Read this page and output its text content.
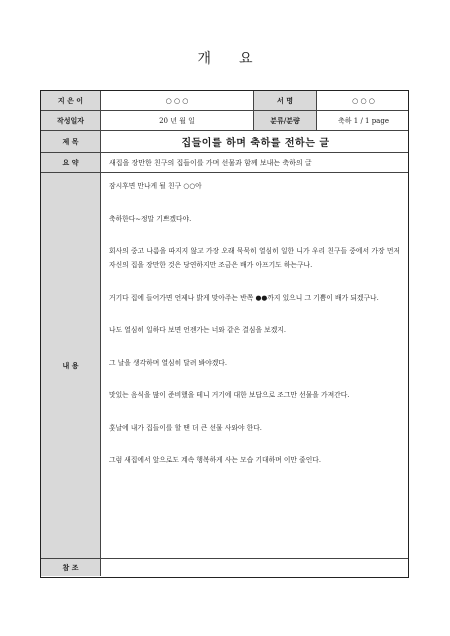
개 요
지 은 이	○ ○ ○	서 명	○ ○ ○
작성일자	20 년 월 일	분류/분량	축하 1 / 1 page
제 목	집들이를 하며 축하를 전하는 글
요 약	새집을 장만한 친구의 집들이를 가며 선물과 함께 보내는 축하의 글
내 용

잠시후면 만나게 될 친구 ○○아

축하한다~정말 기쁘겠다야.

회사의 중고 나름을 따지지 않고 가장 오래 묵묵히 열심히 일한 니가 우리 친구들 중에서 가장 먼저 자신의 집을 장만한 것은 당연하지만 조금은 배가 아프기도 하는구나.

거기다 집에 들어가면 언제나 밝게 맞아주는 반쪽 ●●까지 있으니 그 기쁨이 배가 되겠구나.

나도 열심히 일하다 보면 언젠가는 너와 같은 결심을 보겠지.

그 날을 생각하며 열심히 달려 봐야겠다.

맛있는 음식을 많이 준비했을 테니 거기에 대한 보답으로 조그만 선물을 가져간다.

훗날에 내가 집들이를 할 땐 더 큰 선물 사와야 한다.

그럼 새집에서 앞으로도 계속 행복하게 사는 모습 기대하며 이만 줄인다.

참 조
